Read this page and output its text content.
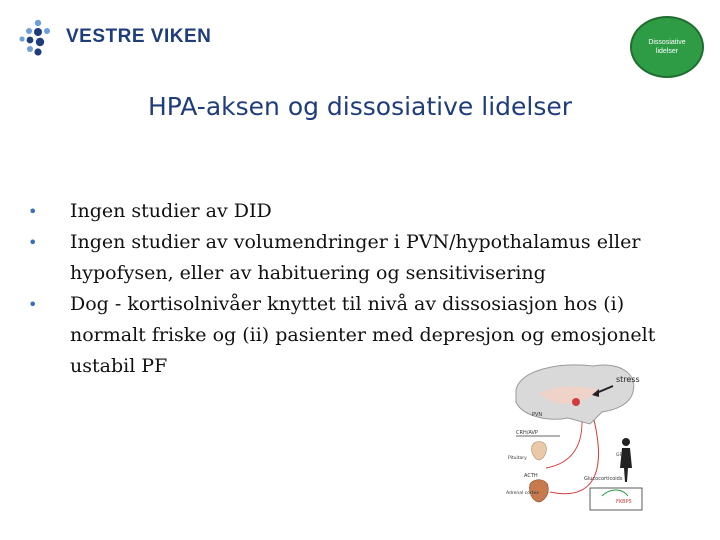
VESTRE VIKEN	Dissosiative lidelser
HPA-aksen og dissosiative lidelser
• Ingen studier av DID
• Ingen studier av volumendringer i PVN/hypothalamus eller hypofysen, eller av habituering og sensitivisering
• Dog - kortisolnivåer knyttet til nivå av dissosiasjon hos (i) normalt friske og (ii) pasienter med depresjon og emosjonelt ustabil PF
stress
PVN
CRH/AVP
Pituitary
ACTH
Adrenal cortex
Glucocorticoids
GR
FKBP5
